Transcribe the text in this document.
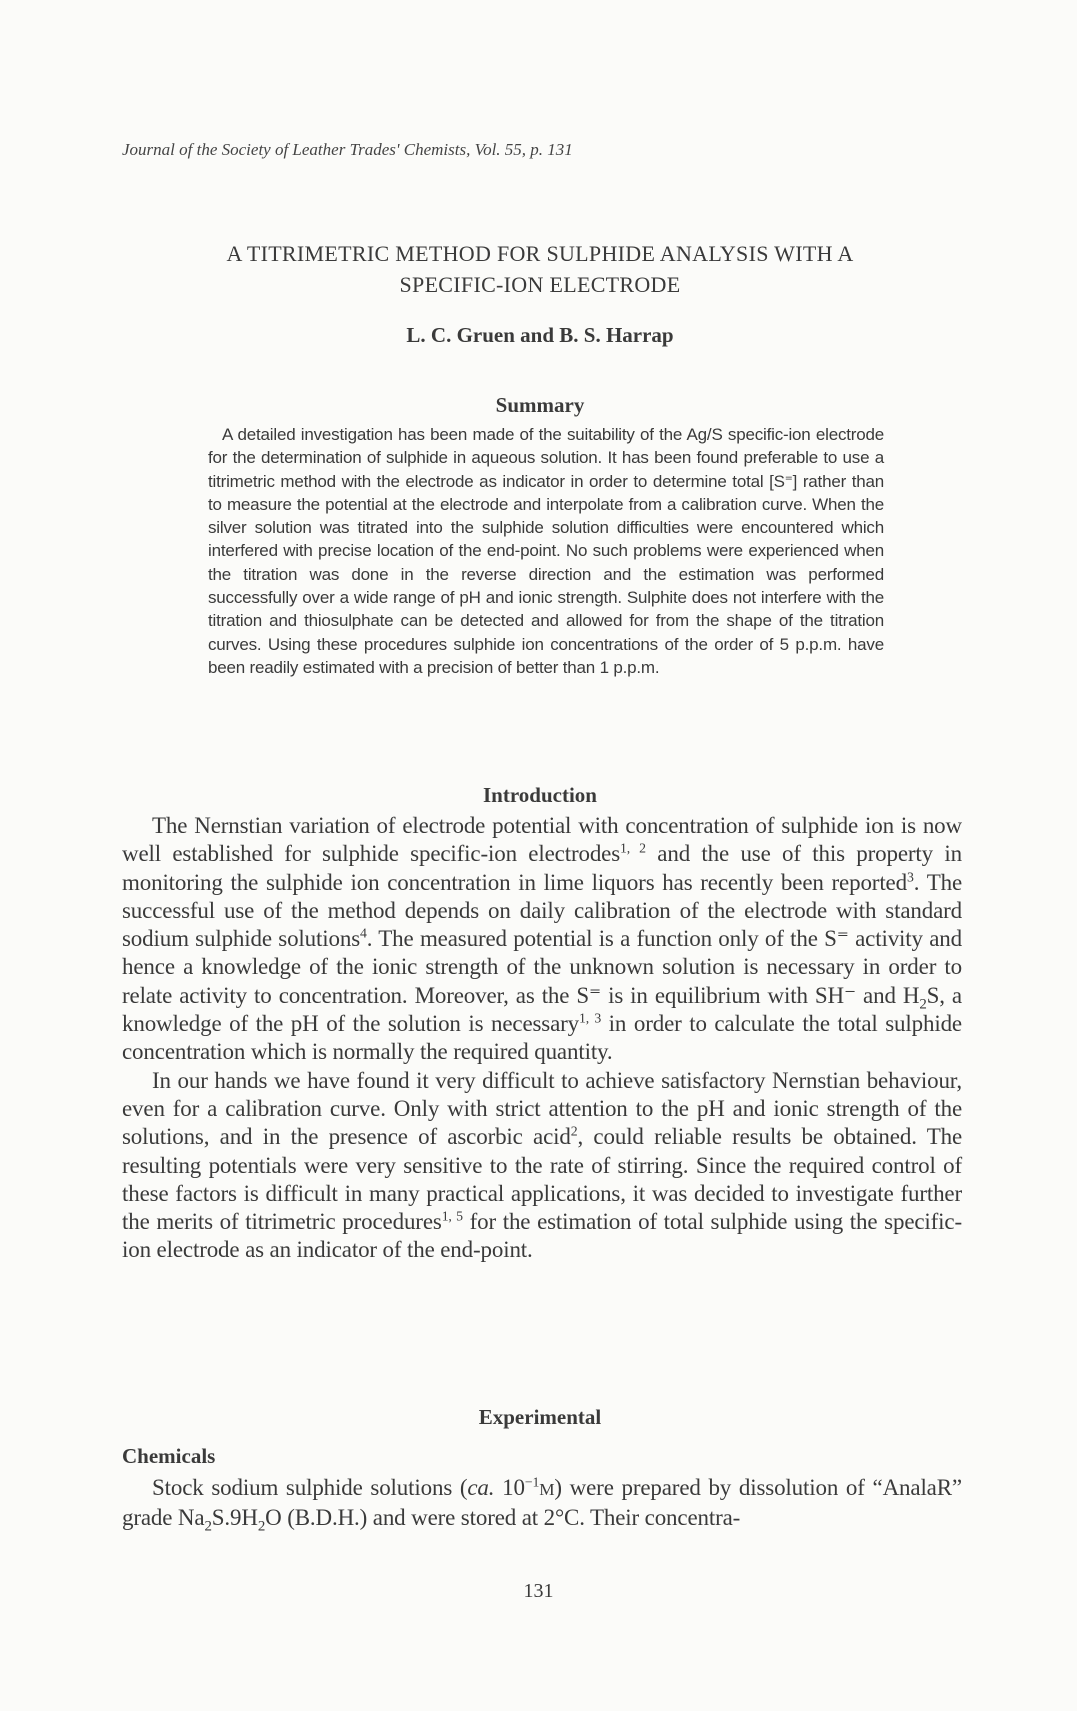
Journal of the Society of Leather Trades' Chemists, Vol. 55, p. 131
A TITRIMETRIC METHOD FOR SULPHIDE ANALYSIS WITH A
SPECIFIC-ION ELECTRODE
L. C. Gruen and B. S. Harrap
Summary

A detailed investigation has been made of the suitability of the Ag/S specific-ion electrode for the determination of sulphide in aqueous solution. It has been found preferable to use a titrimetric method with the electrode as indicator in order to determine total [S⁼] rather than to measure the potential at the electrode and interpolate from a calibration curve. When the silver solution was titrated into the sulphide solution difficulties were encountered which interfered with precise location of the end-point. No such problems were experienced when the titration was done in the reverse direction and the estimation was performed successfully over a wide range of pH and ionic strength. Sulphite does not interfere with the titration and thiosulphate can be detected and allowed for from the shape of the titration curves. Using these procedures sulphide ion concentrations of the order of 5 p.p.m. have been readily estimated with a precision of better than 1 p.p.m.

Introduction

The Nernstian variation of electrode potential with concentration of sulphide ion is now well established for sulphide specific-ion electrodes$^{1, 2}$ and the use of this property in monitoring the sulphide ion concentration in lime liquors has recently been reported$^3$. The successful use of the method depends on daily calibration of the electrode with standard sodium sulphide solutions$^4$. The measured potential is a function only of the S⁼ activity and hence a knowledge of the ionic strength of the unknown solution is necessary in order to relate activity to concentration. Moreover, as the S⁼ is in equilibrium with SH⁻ and $H_2S$, a knowledge of the pH of the solution is necessary$^{1, 3}$ in order to calculate the total sulphide concentration which is normally the required quantity.

In our hands we have found it very difficult to achieve satisfactory Nernstian behaviour, even for a calibration curve. Only with strict attention to the pH and ionic strength of the solutions, and in the presence of ascorbic acid$^2$, could reliable results be obtained. The resulting potentials were very sensitive to the rate of stirring. Since the required control of these factors is difficult in many practical applications, it was decided to investigate further the merits of titrimetric procedures$^{1, 5}$ for the estimation of total sulphide using the specific-ion electrode as an indicator of the end-point.

Experimental
Chemicals

Stock sodium sulphide solutions (ca. $10^{-1}M$) were prepared by dissolution of “AnalaR” grade $Na_2S.9H_2O$ (B.D.H.) and were stored at 2°C. Their concentra-

131
